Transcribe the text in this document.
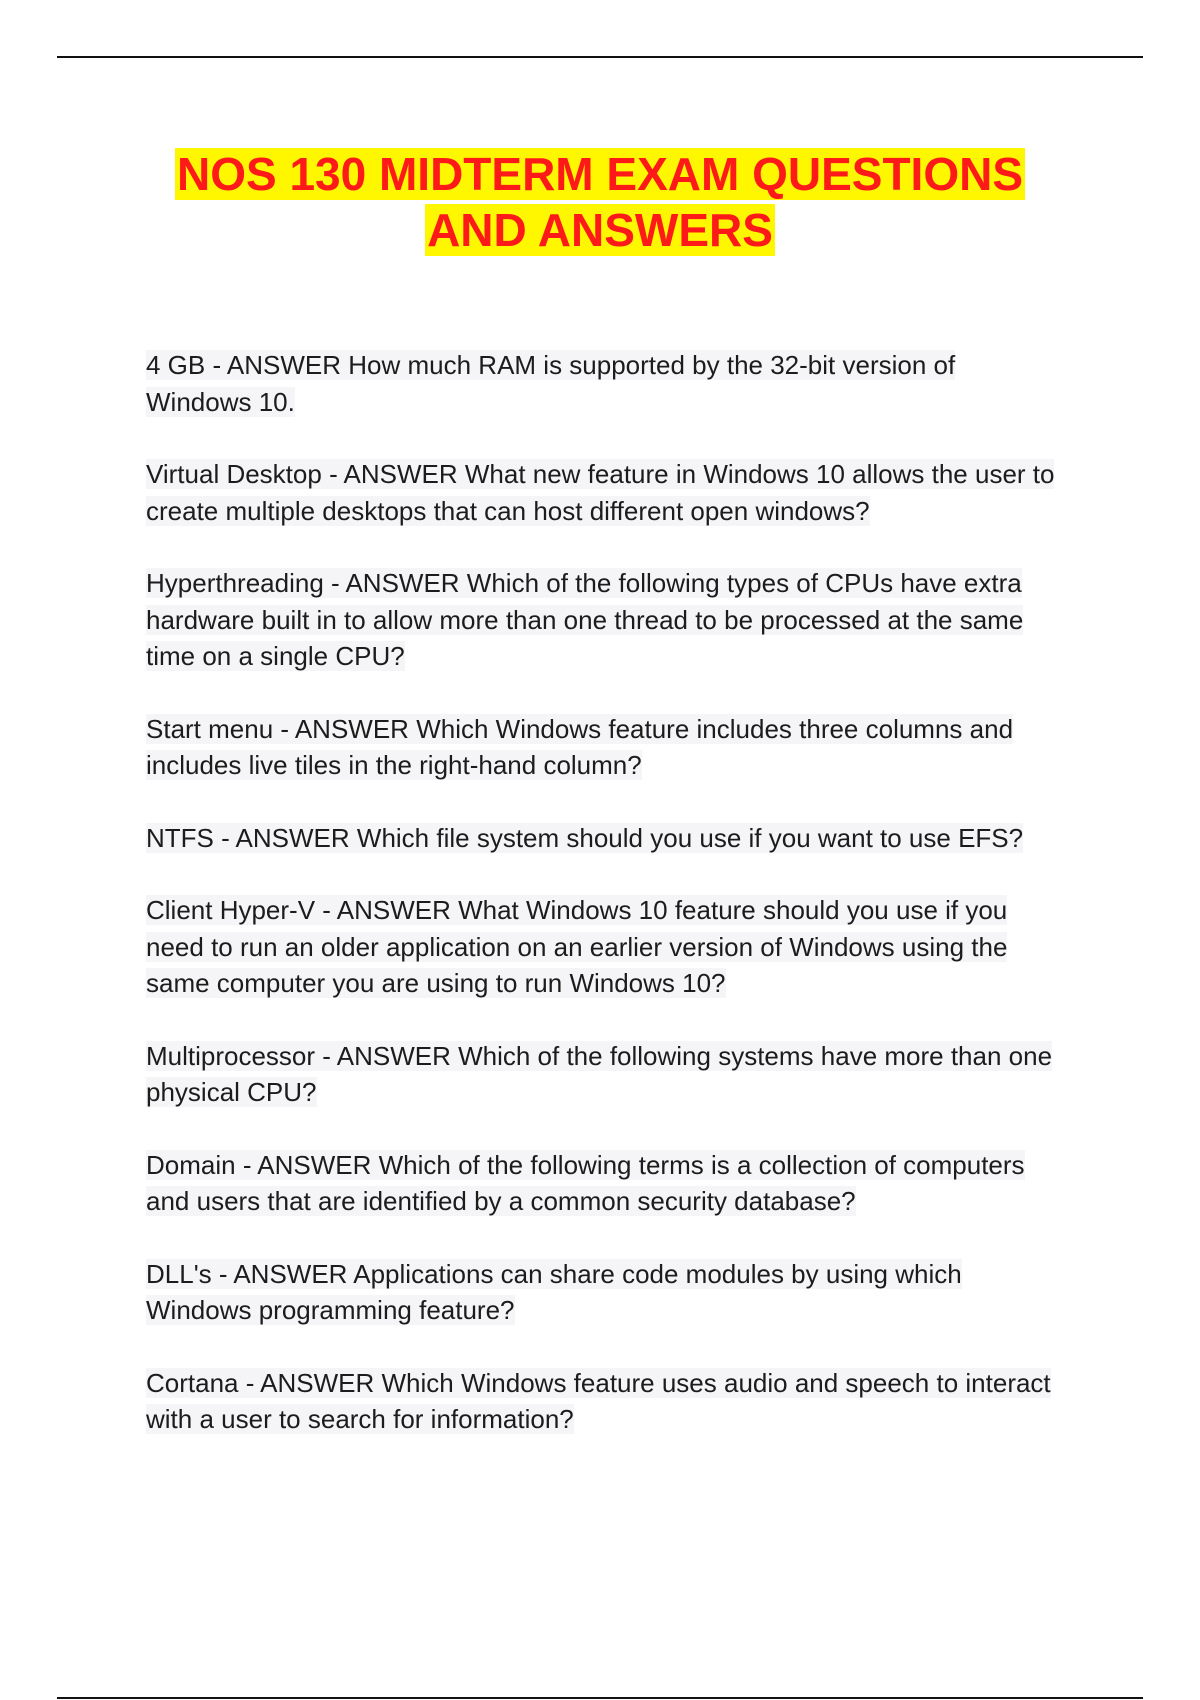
NOS 130 MIDTERM EXAM QUESTIONS
AND ANSWERS

4 GB - ANSWER How much RAM is supported by the 32-bit version of Windows 10.

Virtual Desktop - ANSWER What new feature in Windows 10 allows the user to create multiple desktops that can host different open windows?

Hyperthreading - ANSWER Which of the following types of CPUs have extra hardware built in to allow more than one thread to be processed at the same time on a single CPU?

Start menu - ANSWER Which Windows feature includes three columns and includes live tiles in the right-hand column?

NTFS - ANSWER Which file system should you use if you want to use EFS?

Client Hyper-V - ANSWER What Windows 10 feature should you use if you need to run an older application on an earlier version of Windows using the same computer you are using to run Windows 10?

Multiprocessor - ANSWER Which of the following systems have more than one physical CPU?

Domain - ANSWER Which of the following terms is a collection of computers and users that are identified by a common security database?

DLL's - ANSWER Applications can share code modules by using which Windows programming feature?

Cortana - ANSWER Which Windows feature uses audio and speech to interact with a user to search for information?
